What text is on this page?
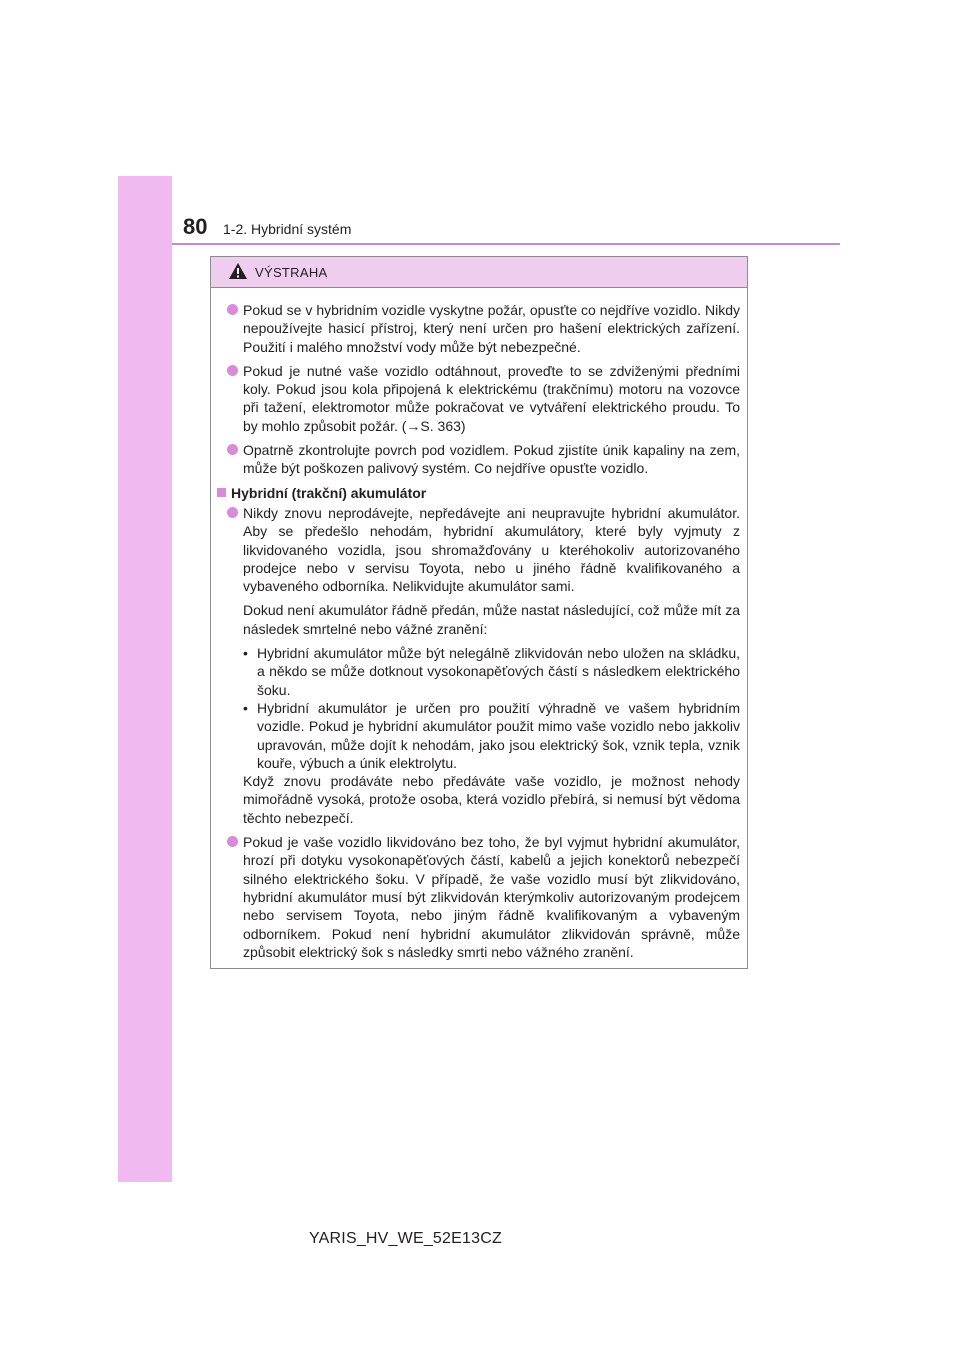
80 1-2. Hybridní systém
VÝSTRAHA
Pokud se v hybridním vozidle vyskytne požár, opusťte co nejdříve vozidlo. Nikdy nepoužívejte hasicí přístroj, který není určen pro hašení elektrických zařízení. Použití i malého množství vody může být nebezpečné.
Pokud je nutné vaše vozidlo odtáhnout, proveďte to se zdviženými předními koly. Pokud jsou kola připojená k elektrickému (trakčnímu) motoru na vozovce při tažení, elektromotor může pokračovat ve vytváření elektrického proudu. To by mohlo způsobit požár. (→S. 363)
Opatrně zkontrolujte povrch pod vozidlem. Pokud zjistíte únik kapaliny na zem, může být poškozen palivový systém. Co nejdříve opusťte vozidlo.
Hybridní (trakční) akumulátor
Nikdy znovu neprodávejte, nepředávejte ani neupravujte hybridní akumulátor. Aby se předešlo nehodám, hybridní akumulátory, které byly vyjmuty z likvidovaného vozidla, jsou shromažďovány u kteréhokoliv autorizovaného prodejce nebo v servisu Toyota, nebo u jiného řádně kvalifikovaného a vybaveného odborníka. Nelikvidujte akumulátor sami.
Dokud není akumulátor řádně předán, může nastat následující, což může mít za následek smrtelné nebo vážné zranění:
• Hybridní akumulátor může být nelegálně zlikvidován nebo uložen na skládku, a někdo se může dotknout vysokonapěťových částí s následkem elektrického šoku.
• Hybridní akumulátor je určen pro použití výhradně ve vašem hybridním vozidle. Pokud je hybridní akumulátor použit mimo vaše vozidlo nebo jakkoliv upravován, může dojít k nehodám, jako jsou elektrický šok, vznik tepla, vznik kouře, výbuch a únik elektrolytu.
Když znovu prodáváte nebo předáváte vaše vozidlo, je možnost nehody mimořádně vysoká, protože osoba, která vozidlo přebírá, si nemusí být vědoma těchto nebezpečí.
Pokud je vaše vozidlo likvidováno bez toho, že byl vyjmut hybridní akumulátor, hrozí při dotyku vysokonapěťových částí, kabelů a jejich konektorů nebezpečí silného elektrického šoku. V případě, že vaše vozidlo musí být zlikvidováno, hybridní akumulátor musí být zlikvidován kterýmkoliv autorizovaným prodejcem nebo servisem Toyota, nebo jiným řádně kvalifikovaným a vybaveným odborníkem. Pokud není hybridní akumulátor zlikvidován správně, může způsobit elektrický šok s následky smrti nebo vážného zranění.
YARIS_HV_WE_52E13CZ
